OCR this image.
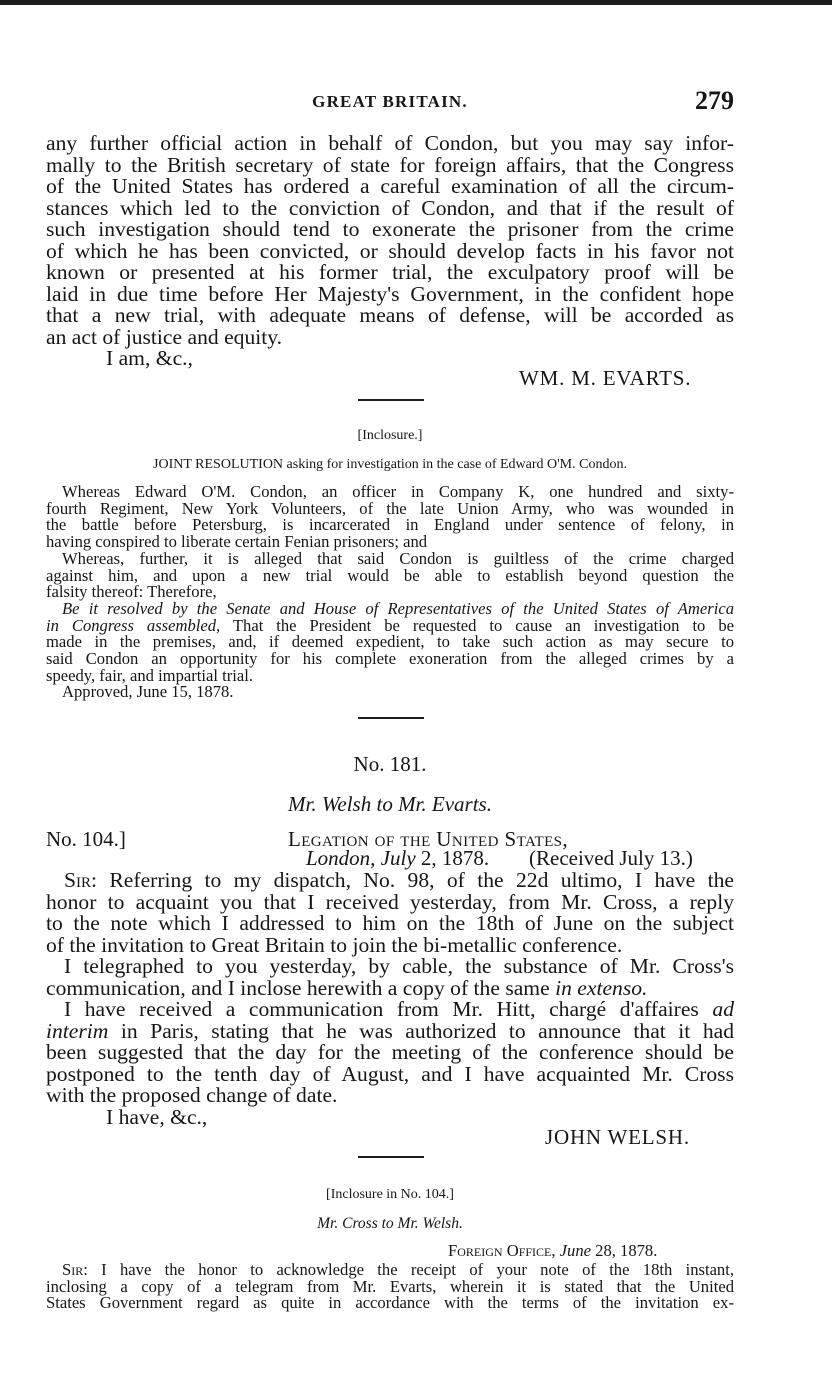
GREAT BRITAIN.	279

any further official action in behalf of Condon, but you may say infor-

mally to the British secretary of state for foreign affairs, that the Congress

of the United States has ordered a careful examination of all the circum-

stances which led to the conviction of Condon, and that if the result of

such investigation should tend to exonerate the prisoner from the crime

of which he has been convicted, or should develop facts in his favor not

known or presented at his former trial, the exculpatory proof will be

laid in due time before Her Majesty's Government, in the confident hope

that a new trial, with adequate means of defense, will be accorded as

an act of justice and equity.

I am, &c.,

WM. M. EVARTS.
[Inclosure.]
JOINT RESOLUTION asking for investigation in the case of Edward O'M. Condon.

Whereas Edward O'M. Condon, an officer in Company K, one hundred and sixty-

fourth Regiment, New York Volunteers, of the late Union Army, who was wounded in

the battle before Petersburg, is incarcerated in England under sentence of felony, in

having conspired to liberate certain Fenian prisoners; and

Whereas, further, it is alleged that said Condon is guiltless of the crime charged

against him, and upon a new trial would be able to establish beyond question the

falsity thereof: Therefore,

Be it resolved by the Senate and House of Representatives of the United States of America

in Congress assembled, That the President be requested to cause an investigation to be

made in the premises, and, if deemed expedient, to take such action as may secure to

said Condon an opportunity for his complete exoneration from the alleged crimes by a

speedy, fair, and impartial trial.

Approved, June 15, 1878.

No. 181.
Mr. Welsh to Mr. Evarts.
No. 104.]	Legation of the United States,
London, July 2, 1878. (Received July 13.)

Sir: Referring to my dispatch, No. 98, of the 22d ultimo, I have the

honor to acquaint you that I received yesterday, from Mr. Cross, a reply

to the note which I addressed to him on the 18th of June on the subject

of the invitation to Great Britain to join the bi-metallic conference.

I telegraphed to you yesterday, by cable, the substance of Mr. Cross's

communication, and I inclose herewith a copy of the same in extenso.

I have received a communication from Mr. Hitt, chargé d'affaires ad

interim in Paris, stating that he was authorized to announce that it had

been suggested that the day for the meeting of the conference should be

postponed to the tenth day of August, and I have acquainted Mr. Cross

with the proposed change of date.

I have, &c.,

JOHN WELSH.
[Inclosure in No. 104.]
Mr. Cross to Mr. Welsh.
Foreign Office, June 28, 1878.

Sir: I have the honor to acknowledge the receipt of your note of the 18th instant,

inclosing a copy of a telegram from Mr. Evarts, wherein it is stated that the United

States Government regard as quite in accordance with the terms of the invitation ex-
